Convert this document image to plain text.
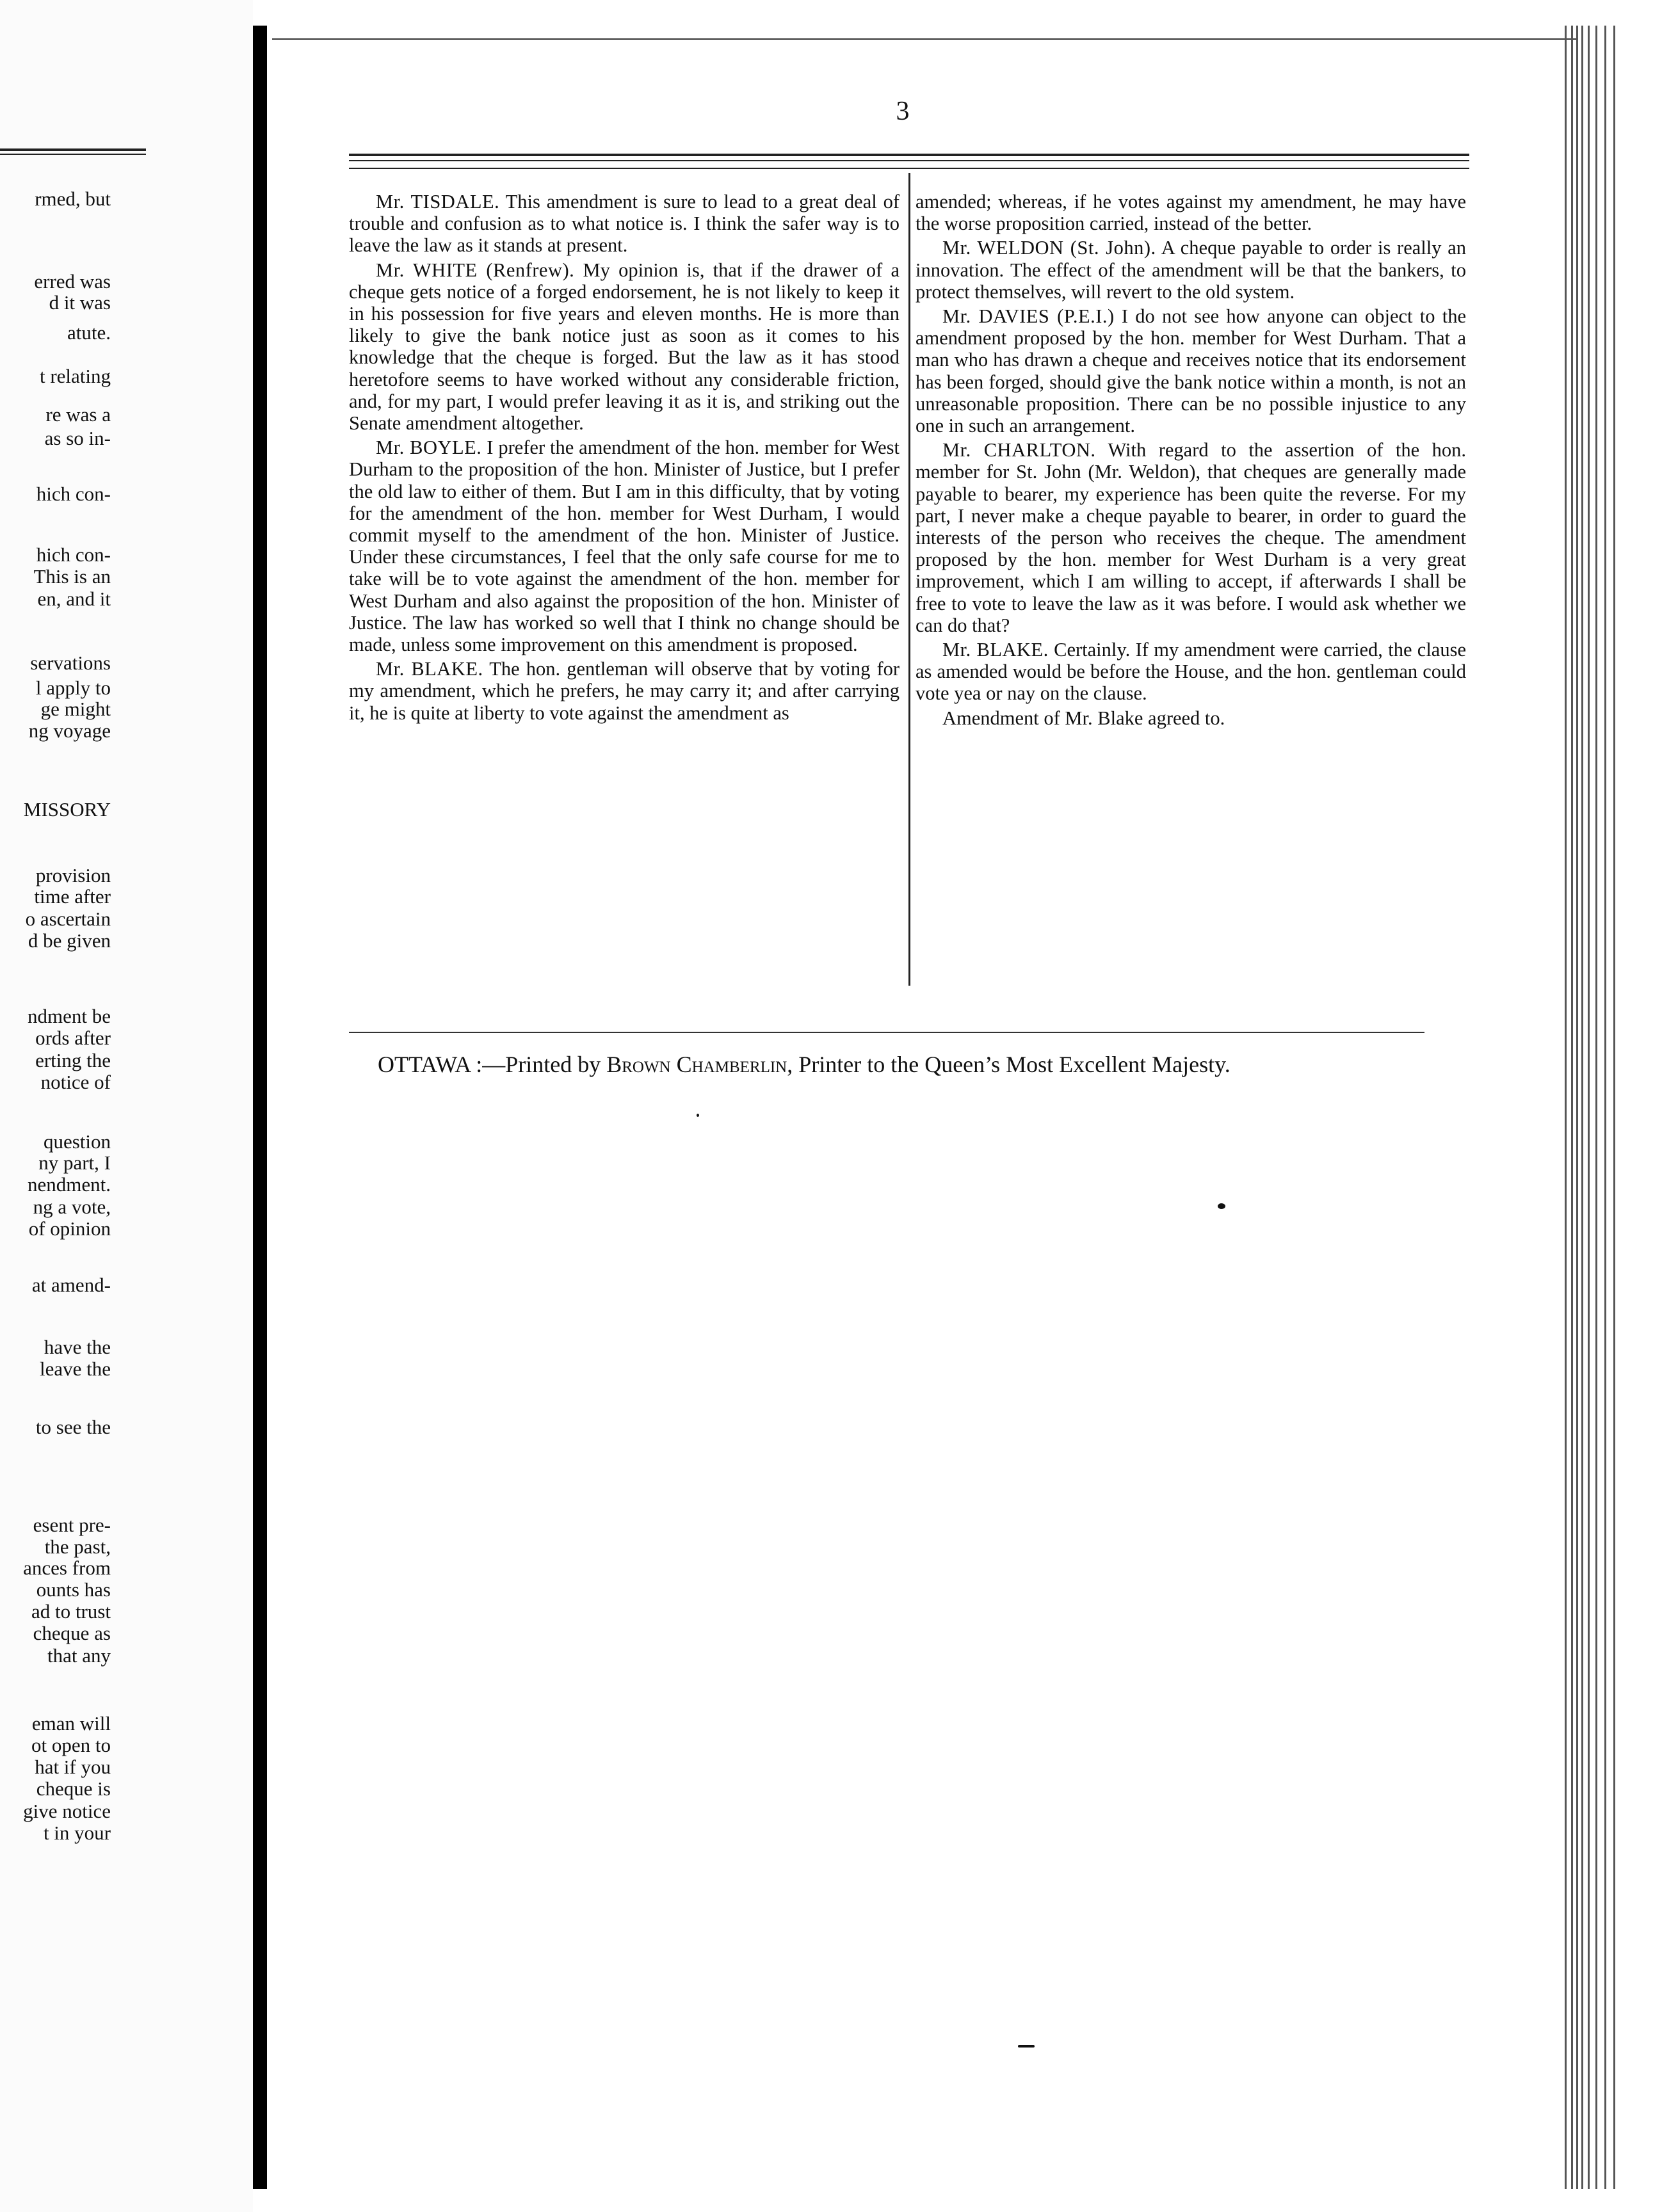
rmed, but
erred was
d it was
atute.
t relating
re was a
as so in-
hich con-
hich con-
This is an
en, and it
servations
l apply to
ge might
ng voyage
MISSORY
provision
time after
o ascertain
d be given
ndment be
ords after
erting the
notice of
question
ny part, I
nendment.
ng a vote,
of opinion
at amend-
have the
leave the
to see the
esent pre-
the past,
ances from
ounts has
ad to trust
cheque as
that any
eman will
ot open to
hat if you
cheque is
give notice
t in your
3

Mr. TISDALE. This amendment is sure to lead to a great deal of trouble and confusion as to what notice is. I think the safer way is to leave the law as it stands at present.

Mr. WHITE (Renfrew). My opinion is, that if the drawer of a cheque gets notice of a forged endorsement, he is not likely to keep it in his possession for five years and eleven months. He is more than likely to give the bank notice just as soon as it comes to his knowledge that the cheque is forged. But the law as it has stood heretofore seems to have worked without any considerable friction, and, for my part, I would prefer leaving it as it is, and striking out the Senate amendment altogether.

Mr. BOYLE. I prefer the amendment of the hon. member for West Durham to the proposition of the hon. Minister of Justice, but I prefer the old law to either of them. But I am in this difficulty, that by voting for the amendment of the hon. member for West Durham, I would commit myself to the amendment of the hon. Minister of Justice. Under these circumstances, I feel that the only safe course for me to take will be to vote against the amendment of the hon. member for West Durham and also against the proposition of the hon. Minister of Justice. The law has worked so well that I think no change should be made, unless some improvement on this amendment is proposed.

Mr. BLAKE. The hon. gentleman will observe that by voting for my amendment, which he prefers, he may carry it; and after carrying it, he is quite at liberty to vote against the amendment as

amended; whereas, if he votes against my amendment, he may have the worse proposition carried, instead of the better.

Mr. WELDON (St. John). A cheque payable to order is really an innovation. The effect of the amendment will be that the bankers, to protect themselves, will revert to the old system.

Mr. DAVIES (P.E.I.) I do not see how anyone can object to the amendment proposed by the hon. member for West Durham. That a man who has drawn a cheque and receives notice that its endorsement has been forged, should give the bank notice within a month, is not an unreasonable proposition. There can be no possible injustice to any one in such an arrangement.

Mr. CHARLTON. With regard to the assertion of the hon. member for St. John (Mr. Weldon), that cheques are generally made payable to bearer, my experience has been quite the reverse. For my part, I never make a cheque payable to bearer, in order to guard the interests of the person who receives the cheque. The amendment proposed by the hon. member for West Durham is a very great improvement, which I am willing to accept, if afterwards I shall be free to vote to leave the law as it was before. I would ask whether we can do that?

Mr. BLAKE. Certainly. If my amendment were carried, the clause as amended would be before the House, and the hon. gentleman could vote yea or nay on the clause.

Amendment of Mr. Blake agreed to.

OTTAWA :—Printed by Brown Chamberlin, Printer to the Queen’s Most Excellent Majesty.
